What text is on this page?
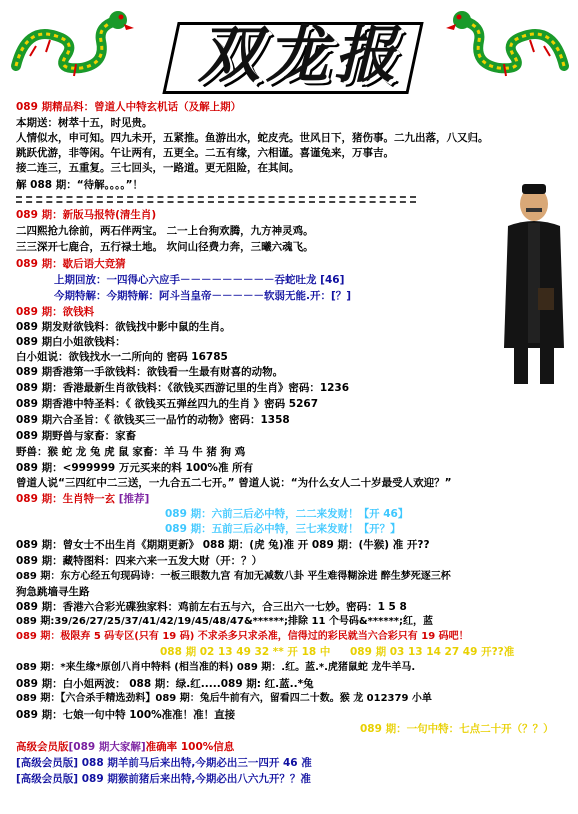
双龙报
089 期精品料：曾道人中特玄机话（及解上期）
本期送：树萃十五，时见贵。
人情似水，申可知。四九未开，五紧推。鱼游出水，蛇皮壳。世风日下，猪伤事。二九出落，八又归。
跳跃优游，非等闲。午让两有，五更全。二五有缘，六相谨。喜谨兔来，万事吉。
接二连三，五重复。三七回头，一路道。更无阻险，在其间。
解 088 期：“待解。。。。”！
089 期：新版马报特(清生肖)
二四熙抢九徐前，两石伴两宝。 二一上台狗欢腾，九方神灵鸡。
三三深开七鹿合，五行禄土地。 坎问山径费力奔，三曦六魂飞。
089 期：歇后语大竞猜
上期回放：一四得心六应手－－－－－－－－－吞蛇吐龙 [46]
今期特解：今期特解：阿斗当皇帝－－－－－软弱无能.开：[？]
089 期：欲钱料
089 期发财欲钱料：欲钱找中影中鼠的生肖。
089 期白小姐欲钱料：
白小姐说：欲钱找水一二所向的 密码 16785
089 期香港第一手欲钱料：欲钱看一生最有财喜的动物。
089 期：香港最新生肖欲钱料：《欲钱买西游记里的生肖》密码：1236
089 期香港中特圣料：《 欲钱买五弹丝四九的生肖 》密码 5267
089 期六合圣旨：《 欲钱买三一品竹的动物》密码：1358
089 期野兽与家畜：家畜
野兽：猴 蛇 龙 兔 虎 鼠 家畜：羊 马 牛 猪 狗 鸡
089 期：<999999 万元买来的料 100%准 所有
曾道人说“三四红中二三送，一九合五二七开。” 曾道人说：“为什么女人二十岁最受人欢迎？”
089 期：生肖特一玄 [推荐]
089 期：六前三后必中特，二二来发财！【开 46】
089 期：五前三后必中特，三七来发财！【开？】
089 期：曾女士不出生肖《期期更新》 088 期：(虎 兔)准 开 089 期：(牛猴) 准 开??
089 期：藏特图料：四来六来一五发大财（开：？）
089 期：东方心经五句现码诗：一板三眼数九宫 有加无减数八卦 平生难得糊涂进 醉生梦死逐三杯
狗急跳墙寻生路
089 期：香港六合彩光碟独家料：鸡前左右五与六，合三出六一七妙。密码：1 5 8
089 期:39/26/27/25/37/41/42/19/45/48/47&******;排除 11 个号码&******;红，蓝
089 期：极限弃 5 码专区(只有 19 码) 不求杀多只求杀准，信得过的彩民就当六合彩只有 19 码吧！
088 期 02 13 49 32 ** 开 18 中 089 期 03 13 14 27 49 开??准
089 期：*来生缘*原创八肖中特料 (相当准的料) 089 期：.红。蓝.*.虎猪鼠蛇 龙牛羊马.
089 期：白小姐两波： 088 期：绿.红.....089 期: 红.蓝..*兔
089 期：【六合杀手精选劲料】089 期：兔后牛前有六，留看四二十数。猴 龙 012379 小单
089 期：七娘一句中特 100%准准！准！直接
089 期：一句中特：七点二十开（？？）
高级会员版[089 期大家解]准确率 100%信息
[高级会员版] 088 期羊前马后来出特,今期必出三一四开 46 准
[高级会员版] 089 期猴前猪后来出特,今期必出八六九开？？准
